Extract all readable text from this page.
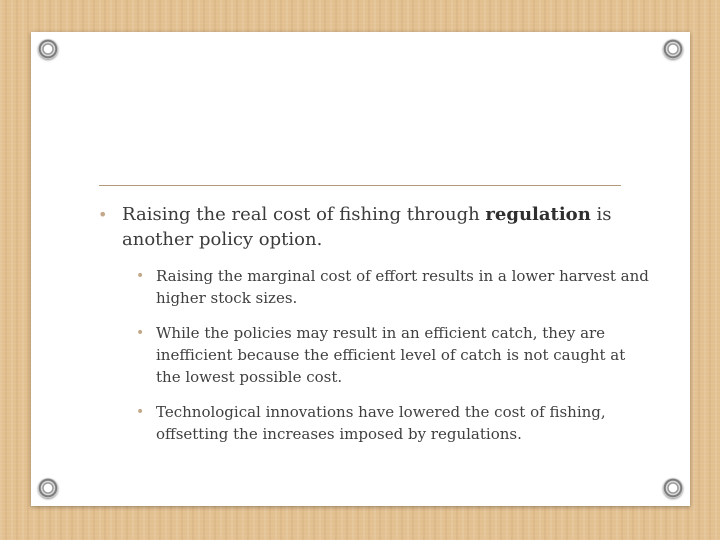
• Raising the real cost of fishing through regulation is another policy option.
• Raising the marginal cost of effort results in a lower harvest and higher stock sizes.
• While the policies may result in an efficient catch, they are inefficient because the efficient level of catch is not caught at the lowest possible cost.
• Technological innovations have lowered the cost of fishing, offsetting the increases imposed by regulations.
